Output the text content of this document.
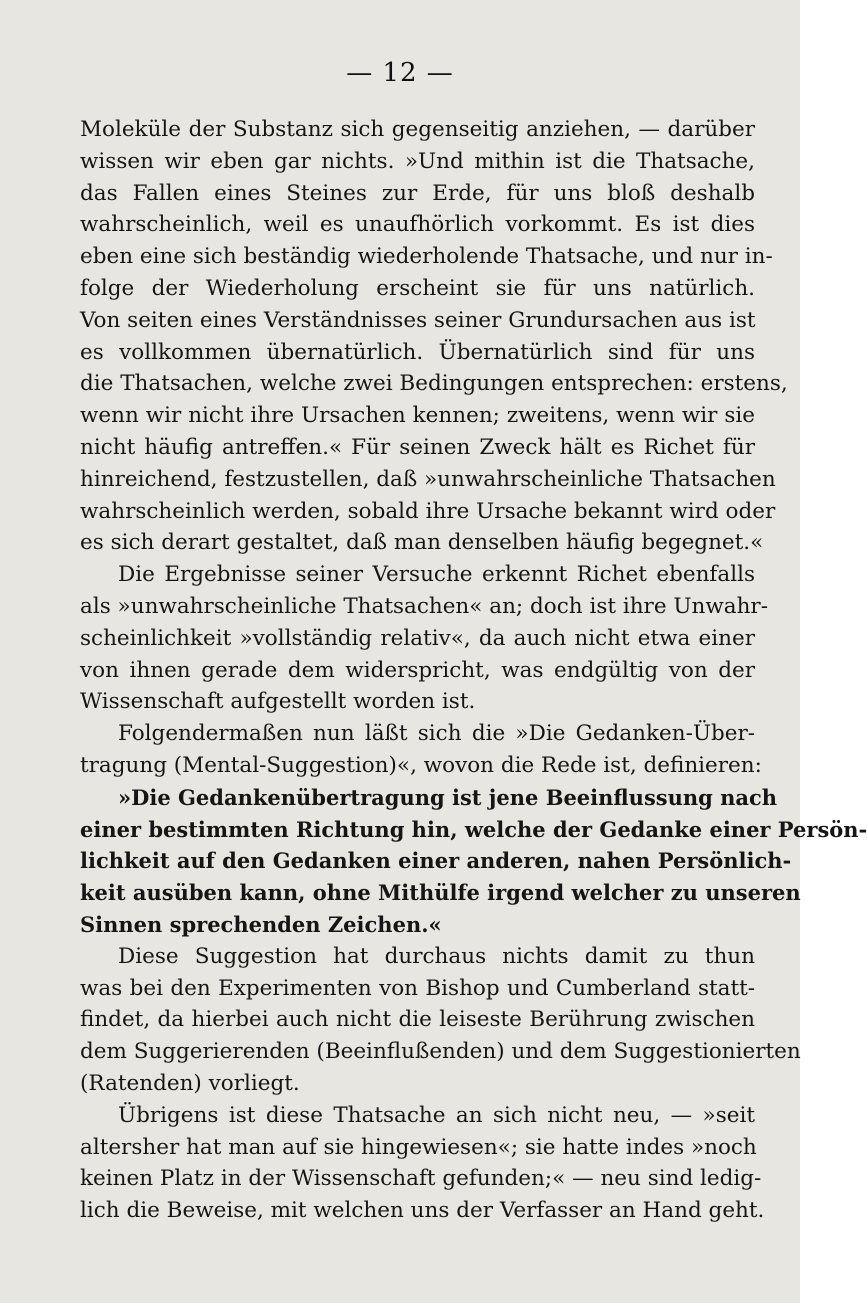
— 12 —
Moleküle der Substanz sich gegenseitig anziehen, — darüber
wissen wir eben gar nichts. »Und mithin ist die Thatsache,
das Fallen eines Steines zur Erde, für uns bloß deshalb
wahrscheinlich, weil es unaufhörlich vorkommt. Es ist dies
eben eine sich beständig wiederholende Thatsache, und nur in-
folge der Wiederholung erscheint sie für uns natürlich.
Von seiten eines Verständnisses seiner Grundursachen aus ist
es vollkommen übernatürlich. Übernatürlich sind für uns
die Thatsachen, welche zwei Bedingungen entsprechen: erstens,
wenn wir nicht ihre Ursachen kennen; zweitens, wenn wir sie
nicht häufig antreffen.« Für seinen Zweck hält es Richet für
hinreichend, festzustellen, daß »unwahrscheinliche Thatsachen
wahrscheinlich werden, sobald ihre Ursache bekannt wird oder
es sich derart gestaltet, daß man denselben häufig begegnet.«
Die Ergebnisse seiner Versuche erkennt Richet ebenfalls
als »unwahrscheinliche Thatsachen« an; doch ist ihre Unwahr-
scheinlichkeit »vollständig relativ«, da auch nicht etwa einer
von ihnen gerade dem widerspricht, was endgültig von der
Wissenschaft aufgestellt worden ist.
Folgendermaßen nun läßt sich die »Die Gedanken-Über-
tragung (Mental-Suggestion)«, wovon die Rede ist, definieren:
»Die Gedankenübertragung ist jene Beeinflussung nach
einer bestimmten Richtung hin, welche der Gedanke einer Persön-
lichkeit auf den Gedanken einer anderen, nahen Persönlich-
keit ausüben kann, ohne Mithülfe irgend welcher zu unseren
Sinnen sprechenden Zeichen.«
Diese Suggestion hat durchaus nichts damit zu thun
was bei den Experimenten von Bishop und Cumberland statt-
findet, da hierbei auch nicht die leiseste Berührung zwischen
dem Suggerierenden (Beeinflußenden) und dem Suggestionierten
(Ratenden) vorliegt.
Übrigens ist diese Thatsache an sich nicht neu, — »seit
altersher hat man auf sie hingewiesen«; sie hatte indes »noch
keinen Platz in der Wissenschaft gefunden;« — neu sind ledig-
lich die Beweise, mit welchen uns der Verfasser an Hand geht.
